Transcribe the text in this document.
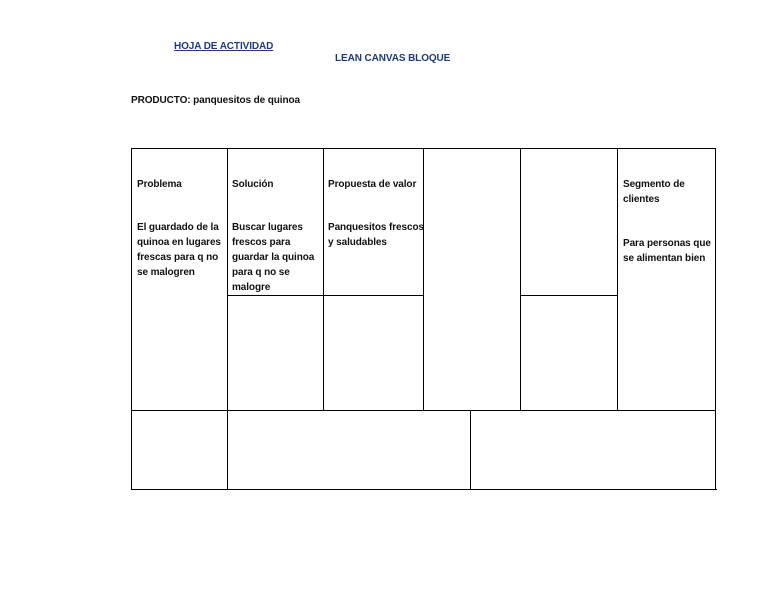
HOJA DE ACTIVIDAD
LEAN CANVAS BLOQUE
PRODUCTO: panquesitos de quinoa
Problema
El guardado de la
quinoa en lugares
frescas para q no
se malogren
Solución
Buscar lugares
frescos para
guardar la quinoa
para q no se
malogre
Propuesta de valor
Panquesitos frescos
y saludables
Segmento de
clientes
Para personas que
se alimentan bien
